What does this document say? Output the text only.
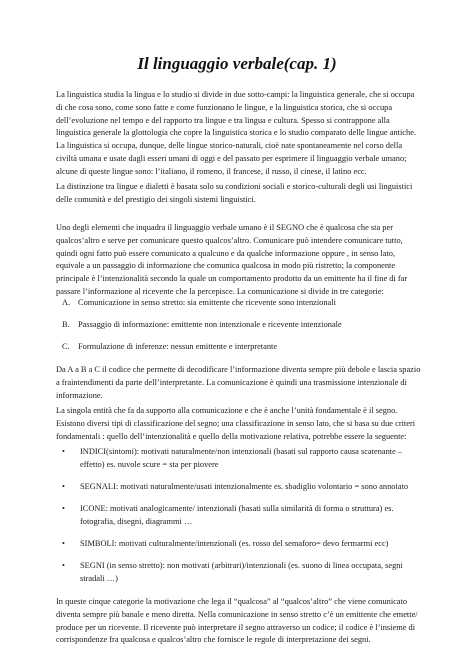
Il linguaggio verbale(cap. 1)
La linguistica studia la lingua e lo studio si divide in due sotto-campi: la linguistica generale, che si occupa
di che cosa sono, come sono fatte e come funzionano le lingue, e la linguistica storica, che si occupa
dell’evoluzione nel tempo e del rapporto tra lingue e tra lingua e cultura. Spesso si contrappone alla
linguistica generale la glottologia che copre la linguistica storica e lo studio comparato delle lingue antiche.
La linguistica si occupa, dunque, delle lingue storico-naturali, cioè nate spontaneamente nel corso della
civiltà umana e usate dagli esseri umani di oggi e del passato per esprimere il linguaggio verbale umano;
alcune di queste lingue sono: l’italiano, il romeno, il francese, il russo, il cinese, il latino ecc.
La distinzione tra lingue e dialetti è basata solo su condizioni sociali e storico-culturali degli usi linguistici
delle comunità e del prestigio dei singoli sistemi linguistici.
Uno degli elementi che inquadra il linguaggio verbale umano è il SEGNO che è qualcosa che sta per
qualcos’altro e serve per comunicare questo qualcos’altro. Comunicare può intendere comunicare tutto,
quindi ogni fatto può essere comunicato a qualcuno e da qualche informazione oppure , in senso lato,
equivale a un passaggio di informazione che comunica qualcosa in modo più ristretto; la componente
principale è l’intenzionalità secondo la quale un comportamento prodotto da un emittente ha il fine di far
passare l’informazione al ricevente che la percepisce. La comunicazione si divide in tre categorie:
A. Comunicazione in senso stretto: sia emittente che ricevente sono intenzionali
B. Passaggio di informazione: emittente non intenzionale e ricevente intenzionale
C. Formulazione di inferenze: nessun emittente e interpretante
Da A a B a C il codice che permette di decodificare l’informazione diventa sempre più debole e lascia spazio
a fraintendimenti da parte dell’interpretante. La comunicazione è quindi una trasmissione intenzionale di
informazione.
La singola entità che fa da supporto alla comunicazione e che è anche l’unità fondamentale è il segno.
Esistono diversi tipi di classificazione del segno; una classificazione in senso lato, che si basa su due criteri
fondamentali : quello dell’intenzionalità e quello della motivazione relativa, potrebbe essere la seguente:
• INDICI(sintomi): motivati naturalmente/non intenzionali (basati sul rapporto causa scatenante –
effetto) es. nuvole scure = sta per piovere
• SEGNALI: motivati naturalmente/usati intenzionalmente es. sbadiglio volontario = sono annoiato
• ICONE: motivati analogicamente/ intenzionali (basati sulla similarità di forma o struttura) es.
fotografia, disegni, diagrammi …
• SIMBOLI: motivati culturalmente/intenzionali (es. rosso del semaforo= devo fermarmi ecc)
• SEGNI (in senso stretto): non motivati (arbitrari)/intenzionali (es. suono di linea occupata, segni
stradali …)
In queste cinque categorie la motivazione che lega il “qualcosa” al “qualcos’altro” che viene comunicato
diventa sempre più banale e meno diretta. Nella comunicazione in senso stretto c’è un emittente che emette/
produce per un ricevente. Il ricevente può interpretare il segno attraverso un codice; il codice è l’insieme di
corrispondenze fra qualcosa e qualcos’altro che fornisce le regole di interpretazione dei segni.
